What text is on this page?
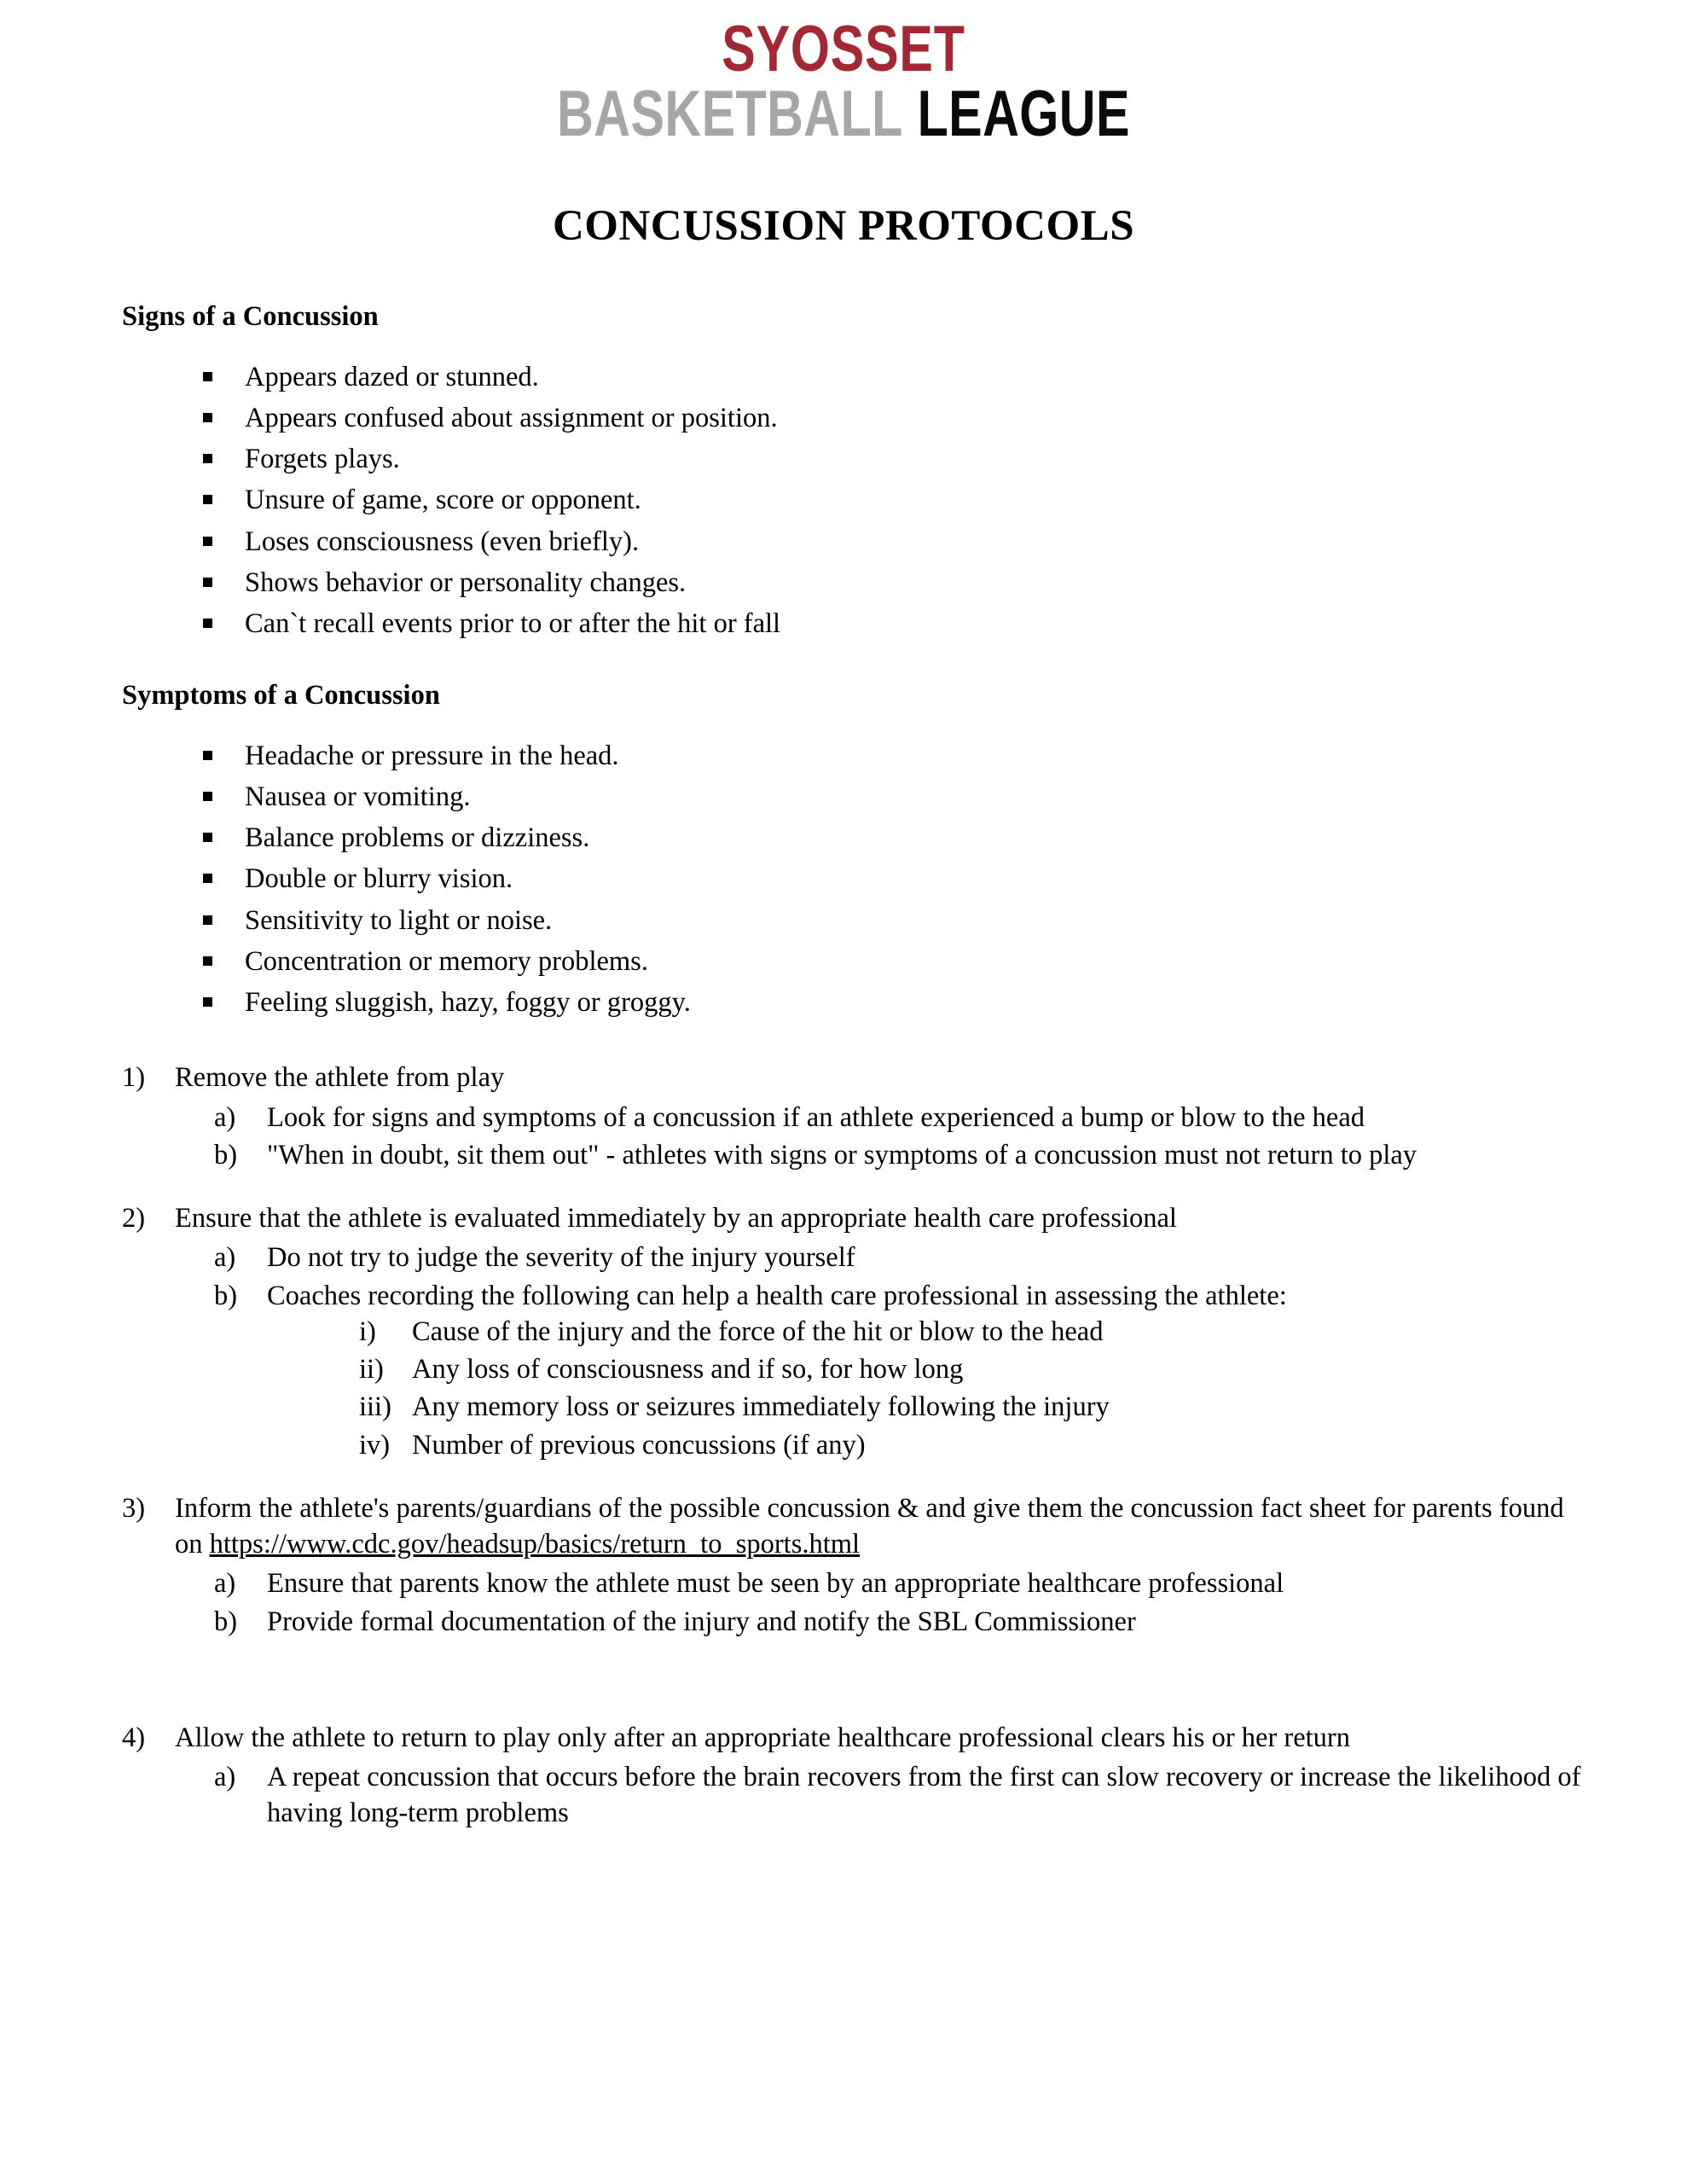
SYOSSET
BASKETBALL LEAGUE
CONCUSSION PROTOCOLS
Signs of a Concussion
Appears dazed or stunned.
Appears confused about assignment or position.
Forgets plays.
Unsure of game, score or opponent.
Loses consciousness (even briefly).
Shows behavior or personality changes.
Can`t recall events prior to or after the hit or fall
Symptoms of a Concussion
Headache or pressure in the head.
Nausea or vomiting.
Balance problems or dizziness.
Double or blurry vision.
Sensitivity to light or noise.
Concentration or memory problems.
Feeling sluggish, hazy, foggy or groggy.
1)	Remove the athlete from play
a)	Look for signs and symptoms of a concussion if an athlete experienced a bump or blow to the head
b)	"When in doubt, sit them out" - athletes with signs or symptoms of a concussion must not return to play
2)	Ensure that the athlete is evaluated immediately by an appropriate health care professional
a)	Do not try to judge the severity of the injury yourself
b)	Coaches recording the following can help a health care professional in assessing the athlete:
i)	Cause of the injury and the force of the hit or blow to the head
ii)	Any loss of consciousness and if so, for how long
iii) Any memory loss or seizures immediately following the injury
iv) Number of previous concussions (if any)
3)	Inform the athlete's parents/guardians of the possible concussion & and give them the concussion fact sheet for parents found on https://www.cdc.gov/headsup/basics/return_to_sports.html
a)	Ensure that parents know the athlete must be seen by an appropriate healthcare professional
b)	Provide formal documentation of the injury and notify the SBL Commissioner
4)	Allow the athlete to return to play only after an appropriate healthcare professional clears his or her return
a)	A repeat concussion that occurs before the brain recovers from the first can slow recovery or increase the likelihood of having long-term problems
